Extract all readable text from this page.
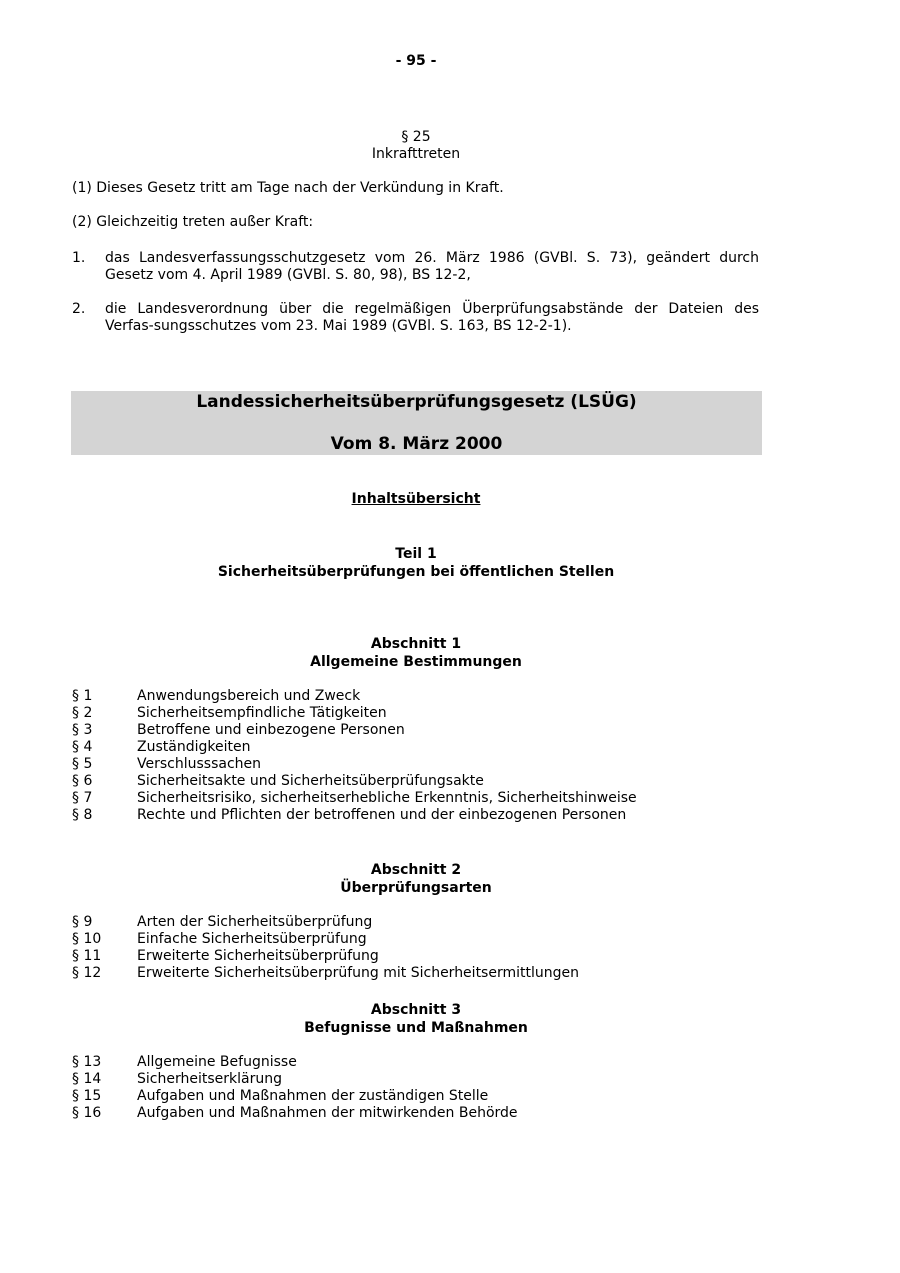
- 95 -
§ 25
Inkrafttreten
(1) Dieses Gesetz tritt am Tage nach der Verkündung in Kraft.
(2) Gleichzeitig treten außer Kraft:
1. das Landesverfassungsschutzgesetz vom 26. März 1986 (GVBl. S. 73), geändert durch Gesetz vom 4. April 1989 (GVBl. S. 80, 98), BS 12-2,
2. die Landesverordnung über die regelmäßigen Überprüfungsabstände der Dateien des Verfas-sungsschutzes vom 23. Mai 1989 (GVBl. S. 163, BS 12-2-1).
Landessicherheitsüberprüfungsgesetz (LSÜG)
Vom 8. März 2000
Inhaltsübersicht
Teil 1
Sicherheitsüberprüfungen bei öffentlichen Stellen
Abschnitt 1
Allgemeine Bestimmungen
§ 1	Anwendungsbereich und Zweck
§ 2	Sicherheitsempfindliche Tätigkeiten
§ 3	Betroffene und einbezogene Personen
§ 4	Zuständigkeiten
§ 5	Verschlusssachen
§ 6	Sicherheitsakte und Sicherheitsüberprüfungsakte
§ 7	Sicherheitsrisiko, sicherheitserhebliche Erkenntnis, Sicherheitshinweise
§ 8	Rechte und Pflichten der betroffenen und der einbezogenen Personen
Abschnitt 2
Überprüfungsarten
§ 9	Arten der Sicherheitsüberprüfung
§ 10	Einfache Sicherheitsüberprüfung
§ 11	Erweiterte Sicherheitsüberprüfung
§ 12	Erweiterte Sicherheitsüberprüfung mit Sicherheitsermittlungen
Abschnitt 3
Befugnisse und Maßnahmen
§ 13	Allgemeine Befugnisse
§ 14	Sicherheitserklärung
§ 15	Aufgaben und Maßnahmen der zuständigen Stelle
§ 16	Aufgaben und Maßnahmen der mitwirkenden Behörde
